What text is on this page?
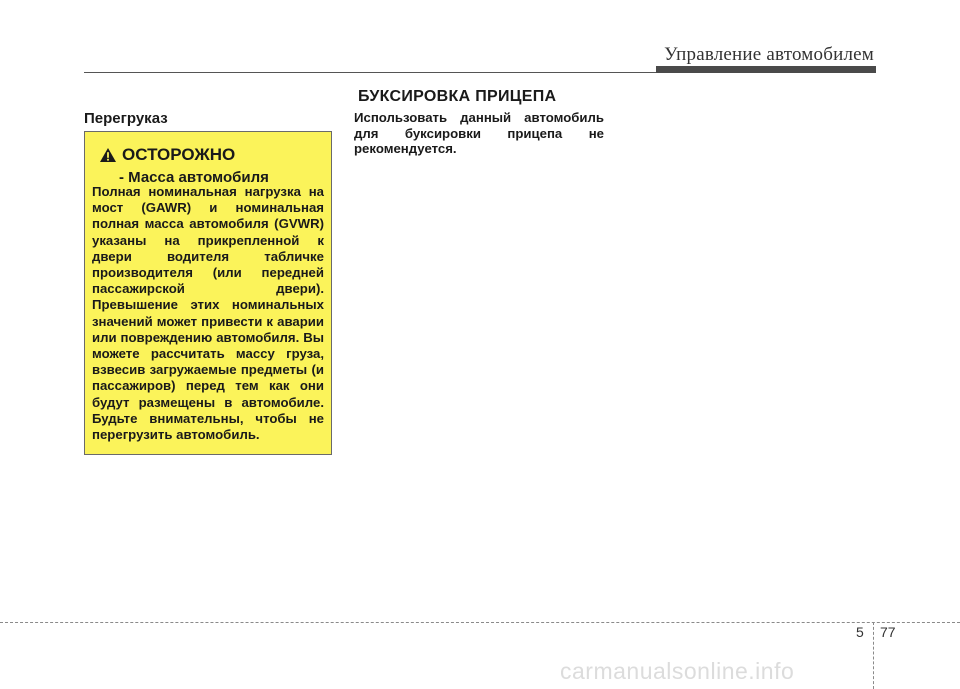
Управление автомобилем
Перегруказ
ОСТОРОЖНО
- Масса автомобиля
Полная номинальная нагрузка на мост (GAWR) и номинальная полная масса автомобиля (GVWR) указаны на прикрепленной к двери водителя табличке производителя (или передней пассажирской двери). Превышение этих номинальных значений может привести к аварии или повреждению автомобиля. Вы можете рассчитать массу груза, взвесив загружаемые предметы (и пассажиров) перед тем как они будут размещены в автомобиле. Будьте внимательны, чтобы не перегрузить автомобиль.
БУКСИРОВКА ПРИЦЕПА
Использовать данный автомобиль для буксировки прицепа не рекомендуется.
5 77
carmanualsonline.info
